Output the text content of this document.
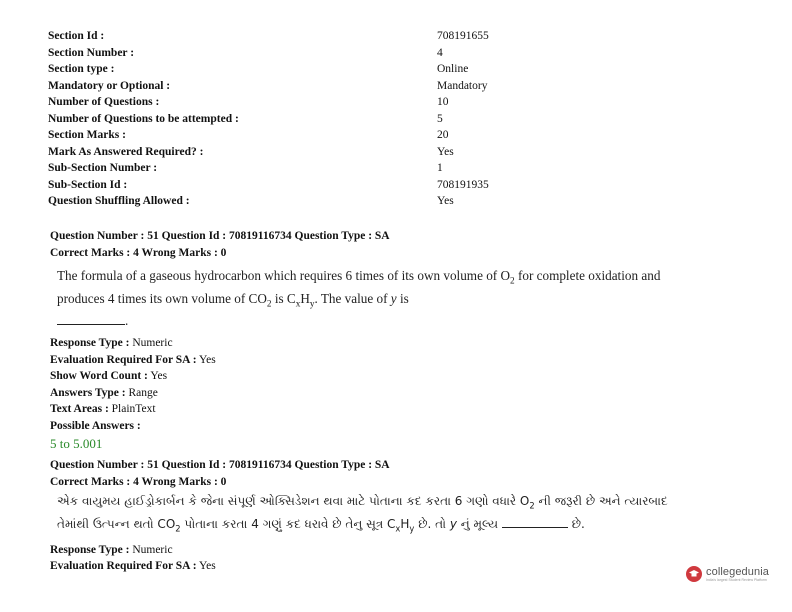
Section Id :	708191655
Section Number :	4
Section type :	Online
Mandatory or Optional :	Mandatory
Number of Questions :	10
Number of Questions to be attempted :	5
Section Marks :	20
Mark As Answered Required? :	Yes
Sub-Section Number :	1
Sub-Section Id :	708191935
Question Shuffling Allowed :	Yes
Question Number : 51 Question Id : 70819116734 Question Type : SA
Correct Marks : 4 Wrong Marks : 0
The formula of a gaseous hydrocarbon which requires 6 times of its own volume of $O_2$ for complete oxidation and produces 4 times its own volume of $CO_2$ is $C_xH_y$. The value of y is
.
Response Type : Numeric
Evaluation Required For SA : Yes
Show Word Count : Yes
Answers Type : Range
Text Areas : PlainText
Possible Answers :
5 to 5.001
Question Number : 51 Question Id : 70819116734 Question Type : SA
Correct Marks : 4 Wrong Marks : 0
એક વાયુમય હાઈડ્રોકાર્બન કે જેના સંપૂર્ણ ઓક્સિડેશન થવા માટે પોતાના કદ કરતા 6 ગણો વધારે $O_2$ ની જરૂરી છે અને ત્યારબાદ તેમાંથી ઉત્પન્ન થતો $CO_2$ પોતાના કરતા 4 ગણું કદ ધરાવે છે તેનુ સૂત્ર $C_xH_y$ છે. તો y નું મૂલ્ય	છે.
Response Type : Numeric
Evaluation Required For SA : Yes	collegedunia
India's largest Student Review Platform
